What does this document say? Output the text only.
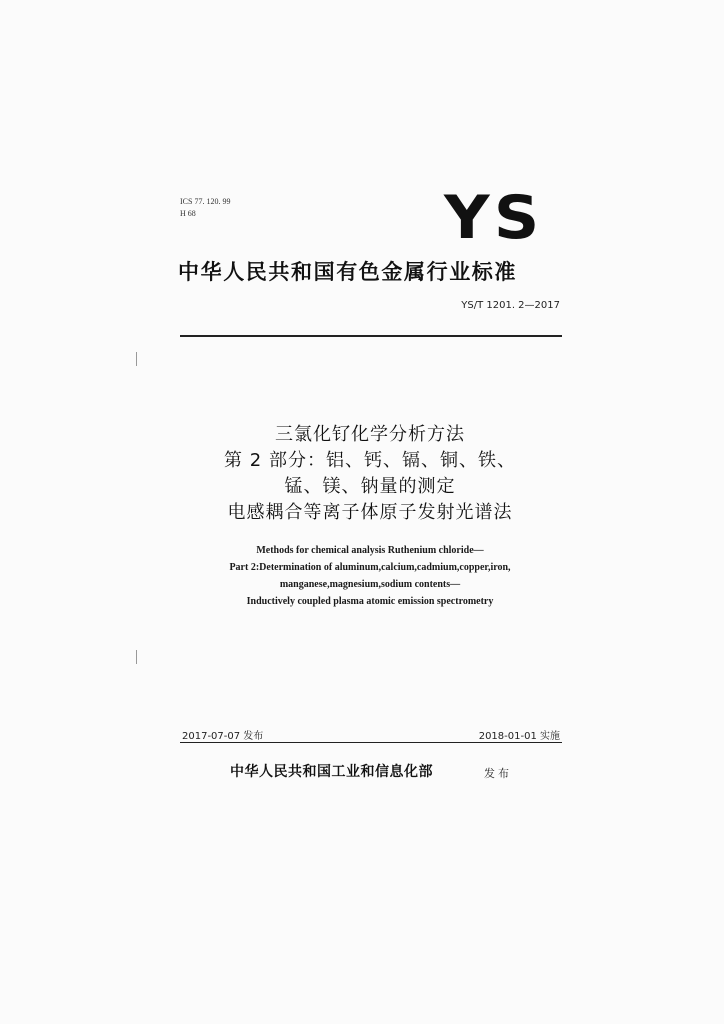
ICS 77. 120. 99
H 68	YS
中华人民共和国有色金属行业标准
YS/T 1201. 2—2017
三氯化钌化学分析方法
第 2 部分：铝、钙、镉、铜、铁、
锰、镁、钠量的测定
电感耦合等离子体原子发射光谱法
Methods for chemical analysis Ruthenium chloride—
Part 2:Determination of aluminum,calcium,cadmium,copper,iron,
manganese,magnesium,sodium contents—
Inductively coupled plasma atomic emission spectrometry
2017-07-07 发布	2018-01-01 实施
中华人民共和国工业和信息化部	发布
